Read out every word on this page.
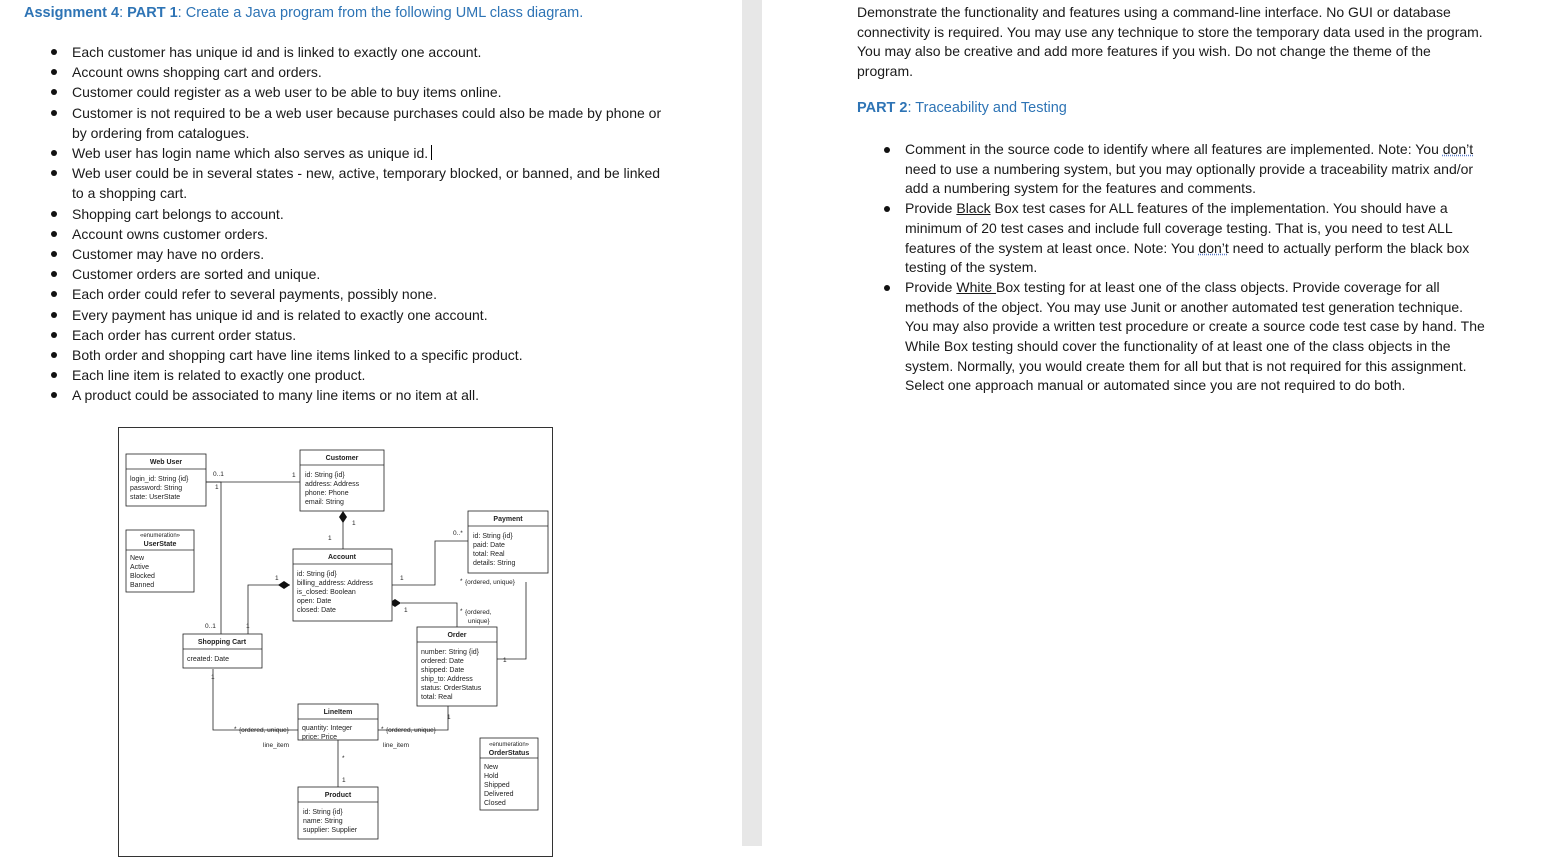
Assignment 4: PART 1: Create a Java program from the following UML class diagram.
Each customer has unique id and is linked to exactly one account.
Account owns shopping cart and orders.
Customer could register as a web user to be able to buy items online.
Customer is not required to be a web user because purchases could also be made by phone or by ordering from catalogues.
Web user has login name which also serves as unique id.
Web user could be in several states - new, active, temporary blocked, or banned, and be linked to a shopping cart.
Shopping cart belongs to account.
Account owns customer orders.
Customer may have no orders.
Customer orders are sorted and unique.
Each order could refer to several payments, possibly none.
Every payment has unique id and is related to exactly one account.
Each order has current order status.
Both order and shopping cart have line items linked to a specific product.
Each line item is related to exactly one product.
A product could be associated to many line items or no item at all.
Web User
login_id: String {id}
password: String
state: UserState
Customer
id: String {id}
address: Address
phone: Phone
email: String
«enumeration»
UserState
New
Active
Blocked
Banned
Account
id: String {id}
billing_address: Address
is_closed: Boolean
open: Date
closed: Date
Payment
id: String {id}
paid: Date
total: Real
details: String
Shopping Cart
created: Date
Order
number: String {id}
ordered: Date
shipped: Date
ship_to: Address
status: OrderStatus
total: Real
LineItem
quantity: Integer
price: Price
«enumeration»
OrderStatus
New
Hold
Shipped
Delivered
Closed
Product
id: String {id}
name: String
supplier: Supplier
0..1
1
1
1
1
1	1
0..*
* {ordered, unique}
1	* {ordered,
unique}
1
0..1	1
1
1
* {ordered, unique}
line_item
* {ordered, unique}
line_item
*
1

Demonstrate the functionality and features using a command-line interface. No GUI or database connectivity is required. You may use any technique to store the temporary data used in the program. You may also be creative and add more features if you wish. Do not change the theme of the program.

PART 2: Traceability and Testing
Comment in the source code to identify where all features are implemented. Note: You don’t need to use a numbering system, but you may optionally provide a traceability matrix and/or add a numbering system for the features and comments.
Provide Black Box test cases for ALL features of the implementation. You should have a minimum of 20 test cases and include full coverage testing. That is, you need to test ALL features of the system at least once. Note: You don’t need to actually perform the black box testing of the system.
Provide White Box testing for at least one of the class objects. Provide coverage for all methods of the object. You may use Junit or another automated test generation technique. You may also provide a written test procedure or create a source code test case by hand. The While Box testing should cover the functionality of at least one of the class objects in the system. Normally, you would create them for all but that is not required for this assignment. Select one approach manual or automated since you are not required to do both.
